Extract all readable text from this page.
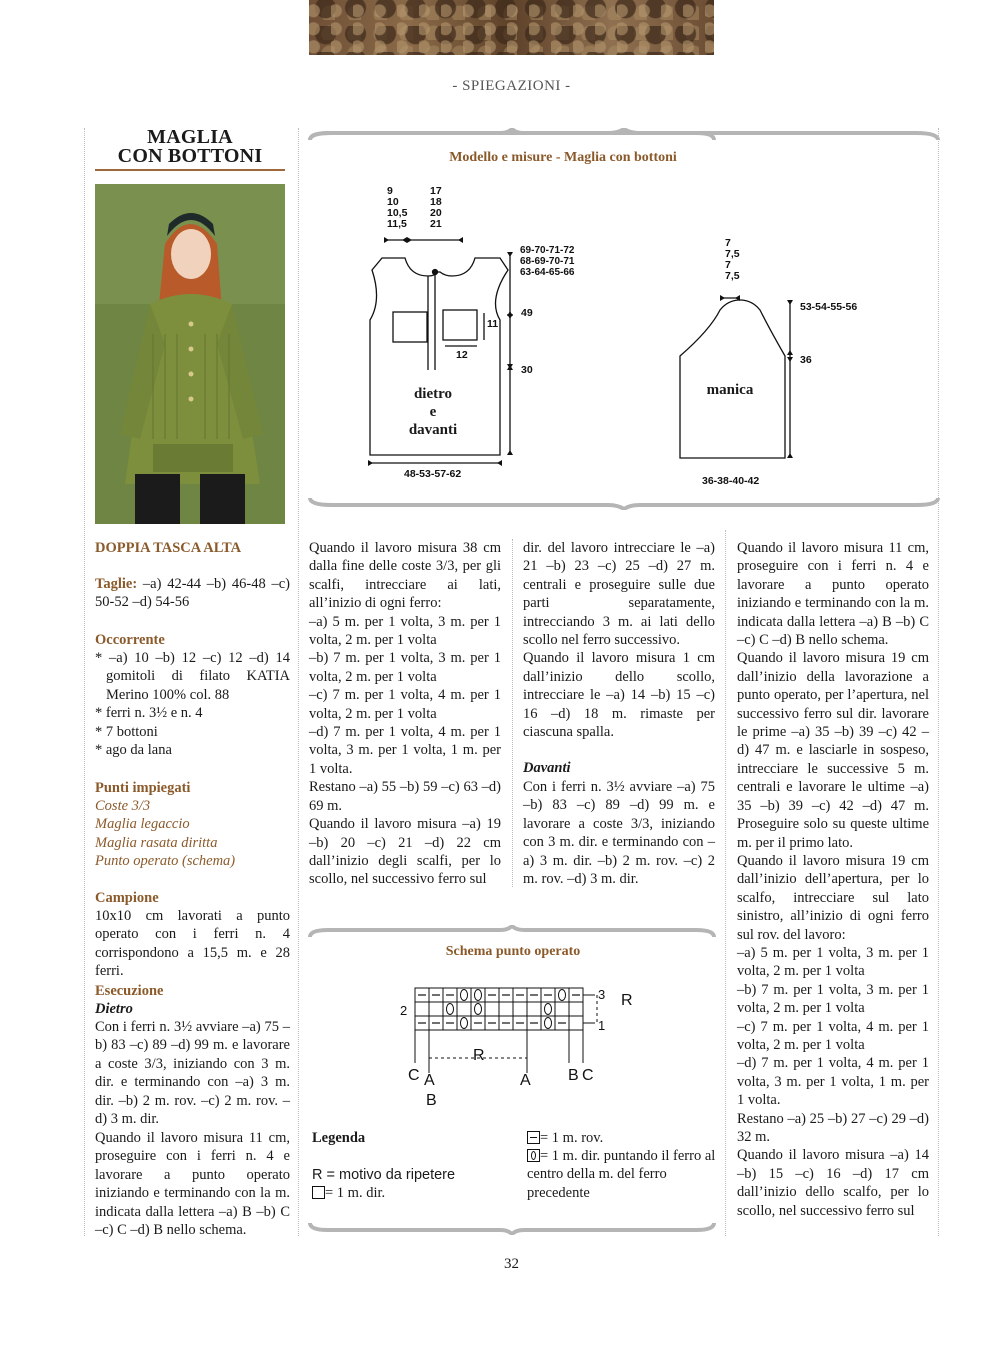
- SPIEGAZIONI -
MAGLIA
CON BOTTONI
DOPPIA TASCA ALTA
Taglie: –a) 42-44 –b) 46-48 –c) 50-52 –d) 54-56
Occorrente
* –a) 10 –b) 12 –c) 12 –d) 14 gomitoli di filato KATIA Merino 100% col. 88
* ferri n. 3½ e n. 4
* 7 bottoni
* ago da lana
Punti impiegati
Coste 3/3
Maglia legaccio
Maglia rasata diritta
Punto operato (schema)
Campione
10x10 cm lavorati a punto operato con i ferri n. 4 corrispondono a 15,5 m. e 28 ferri.
Esecuzione
Dietro
Con i ferri n. 3½ avviare –a) 75 –b) 83 –c) 89 –d) 99 m. e lavorare a coste 3/3, iniziando con 3 m. dir. e terminando con –a) 3 m. dir. –b) 2 m. rov. –c) 2 m. rov. –d) 3 m. dir.
Quando il lavoro misura 11 cm, proseguire con i ferri n. 4 e lavorare a punto operato iniziando e terminando con la m. indicata dalla lettera –a) B –b) C –c) C –d) B nello schema.
Modello e misure - Maglia con bottoni
9
10
10,5
11,5
17
18
20
21
69-70-71-72
68-69-70-71
63-64-65-66
49
30
11
12
dietro
e
davanti
48-53-57-62
7
7,5
7
7,5
53-54-55-56
36
manica
36-38-40-42
Quando il lavoro misura 38 cm dalla fine delle coste 3/3, per gli scalfi, intrecciare ai lati, all’inizio di ogni ferro:
–a) 5 m. per 1 volta, 3 m. per 1 volta, 2 m. per 1 volta
–b) 7 m. per 1 volta, 3 m. per 1 volta, 2 m. per 1 volta
–c) 7 m. per 1 volta, 4 m. per 1 volta, 2 m. per 1 volta
–d) 7 m. per 1 volta, 4 m. per 1 volta, 3 m. per 1 volta, 1 m. per 1 volta.
Restano –a) 55 –b) 59 –c) 63 –d) 69 m.
Quando il lavoro misura –a) 19 –b) 20 –c) 21 –d) 22 cm dall’inizio degli scalfi, per lo scollo, nel successivo ferro sul
dir. del lavoro intrecciare le –a) 21 –b) 23 –c) 25 –d) 27 m. centrali e proseguire sulle due parti separatamente, intrecciando 3 m. ai lati dello scollo nel ferro successivo.
Quando il lavoro misura 1 cm dall’inizio dello scollo, intrecciare le –a) 14 –b) 15 –c) 16 –d) 18 m. rimaste per ciascuna spalla.
Davanti
Con i ferri n. 3½ avviare –a) 75 –b) 83 –c) 89 –d) 99 m. e lavorare a coste 3/3, iniziando con 3 m. dir. e terminando con –a) 3 m. dir. –b) 2 m. rov. –c) 2 m. rov. –d) 3 m. dir.
Quando il lavoro misura 11 cm, proseguire con i ferri n. 4 e lavorare a punto operato iniziando e terminando con la m. indicata dalla lettera –a) B –b) C –c) C –d) B nello schema.
Quando il lavoro misura 19 cm dall’inizio della lavorazione a punto operato, per l’apertura, nel successivo ferro sul dir. lavorare le prime –a) 35 –b) 39 –c) 42 –d) 47 m. e lasciarle in sospeso, intrecciare le successive 5 m. centrali e lavorare le ultime –a) 35 –b) 39 –c) 42 –d) 47 m. Proseguire solo su queste ultime m. per il primo lato.
Quando il lavoro misura 19 cm dall’inizio dell’apertura, per lo scalfo, intrecciare sul lato sinistro, all’inizio di ogni ferro sul rov. del lavoro:
–a) 5 m. per 1 volta, 3 m. per 1 volta, 2 m. per 1 volta
–b) 7 m. per 1 volta, 3 m. per 1 volta, 2 m. per 1 volta
–c) 7 m. per 1 volta, 4 m. per 1 volta, 2 m. per 1 volta
–d) 7 m. per 1 volta, 4 m. per 1 volta, 3 m. per 1 volta, 1 m. per 1 volta.
Restano –a) 25 –b) 27 –c) 29 –d) 32 m.
Quando il lavoro misura –a) 14 –b) 15 –c) 16 –d) 17 cm dall’inizio dello scalfo, per lo scollo, nel successivo ferro sul
Schema punto operato
3
2
1
R
R
C A
B
A B C
Legenda
R = motivo da ripetere
= 1 m. dir.
= 1 m. rov.
= 1 m. dir. puntando il ferro al centro della m. del ferro precedente
32
